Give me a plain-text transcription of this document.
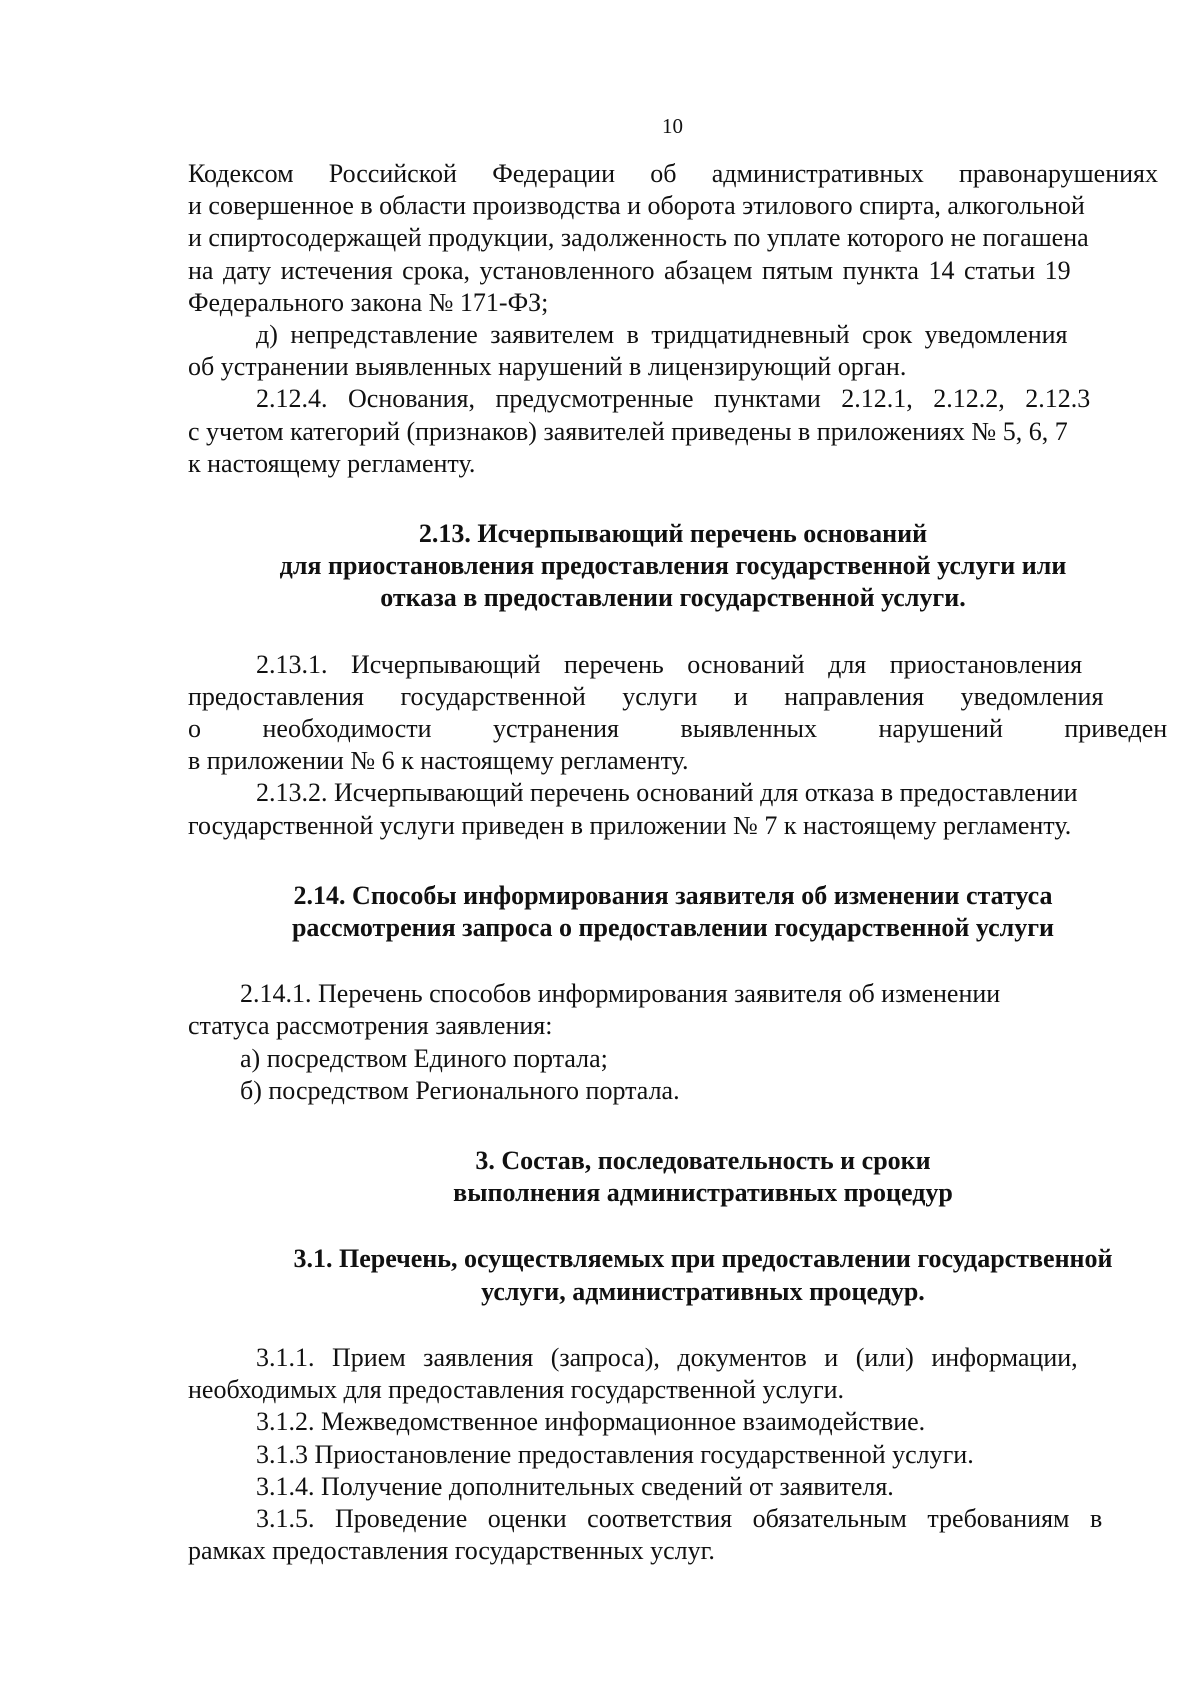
10
Кодексом Российской Федерации об административных правонарушениях
и совершенное в области производства и оборота этилового спирта, алкогольной
и спиртосодержащей продукции, задолженность по уплате которого не погашена
на дату истечения срока, установленного абзацем пятым пункта 14 статьи 19
Федерального закона № 171-ФЗ;
д) непредставление заявителем в тридцатидневный срок уведомления
об устранении выявленных нарушений в лицензирующий орган.
2.12.4. Основания, предусмотренные пунктами 2.12.1, 2.12.2, 2.12.3
с учетом категорий (признаков) заявителей приведены в приложениях № 5, 6, 7
к настоящему регламенту.
2.13. Исчерпывающий перечень оснований
для приостановления предоставления государственной услуги или
отказа в предоставлении государственной услуги.
2.13.1. Исчерпывающий перечень оснований для приостановления
предоставления государственной услуги и направления уведомления
о необходимости устранения выявленных нарушений приведен
в приложении № 6 к настоящему регламенту.
2.13.2. Исчерпывающий перечень оснований для отказа в предоставлении
государственной услуги приведен в приложении № 7 к настоящему регламенту.
2.14. Способы информирования заявителя об изменении статуса
рассмотрения запроса о предоставлении государственной услуги
2.14.1. Перечень способов информирования заявителя об изменении
статуса рассмотрения заявления:
а) посредством Единого портала;
б) посредством Регионального портала.
3. Состав, последовательность и сроки
выполнения административных процедур
3.1. Перечень, осуществляемых при предоставлении государственной
услуги, административных процедур.
3.1.1. Прием заявления (запроса), документов и (или) информации,
необходимых для предоставления государственной услуги.
3.1.2. Межведомственное информационное взаимодействие.
3.1.3 Приостановление предоставления государственной услуги.
3.1.4. Получение дополнительных сведений от заявителя.
3.1.5. Проведение оценки соответствия обязательным требованиям в
рамках предоставления государственных услуг.
